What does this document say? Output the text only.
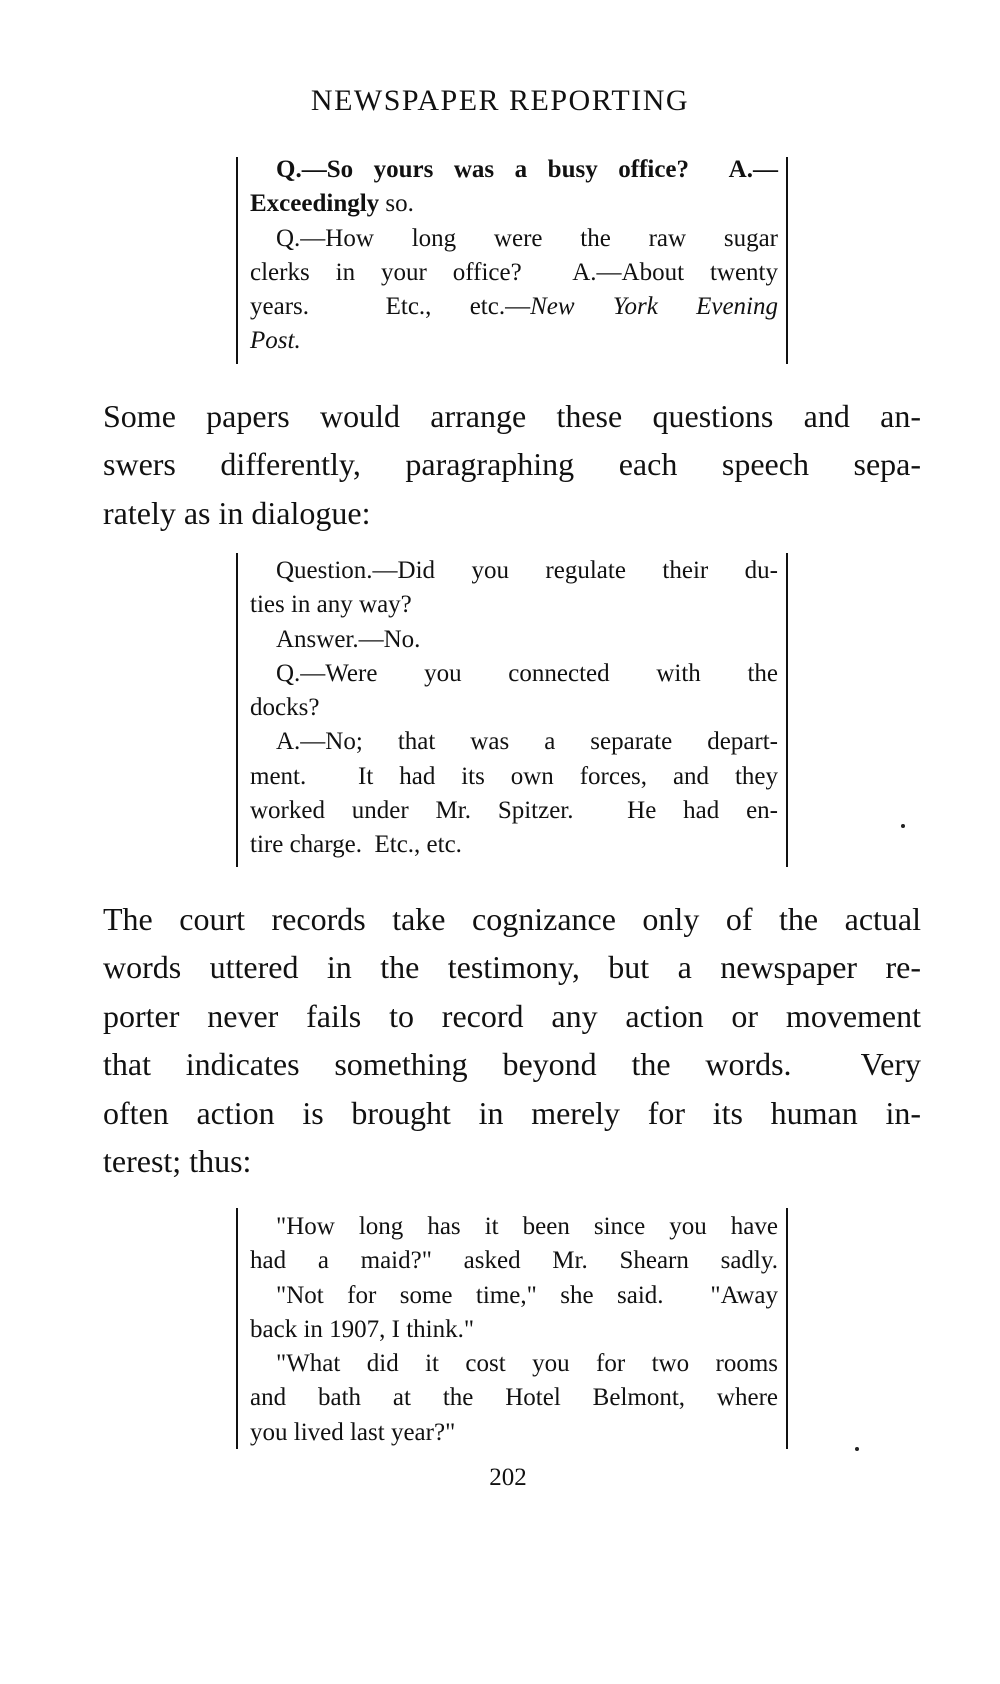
NEWSPAPER REPORTING
Q.—So yours was a busy office?  A.—
Exceedingly so.
Q.—How long were the raw sugar
clerks in your office?  A.—About twenty
years.  Etc., etc.—New York Evening
Post.
Some papers would arrange these questions and an-
swers differently, paragraphing each speech sepa-
rately as in dialogue:
Question.—Did you regulate their du-
ties in any way?
Answer.—No.
Q.—Were you connected with the
docks?
A.—No; that was a separate depart-
ment.  It had its own forces, and they
worked under Mr. Spitzer.  He had en-
tire charge.  Etc., etc.
The court records take cognizance only of the actual
words uttered in the testimony, but a newspaper re-
porter never fails to record any action or movement
that indicates something beyond the words.  Very
often action is brought in merely for its human in-
terest; thus:
"How long has it been since you have
had a maid?" asked Mr. Shearn sadly.
"Not for some time," she said.  "Away
back in 1907, I think."
"What did it cost you for two rooms
and bath at the Hotel Belmont, where
you lived last year?"
202
